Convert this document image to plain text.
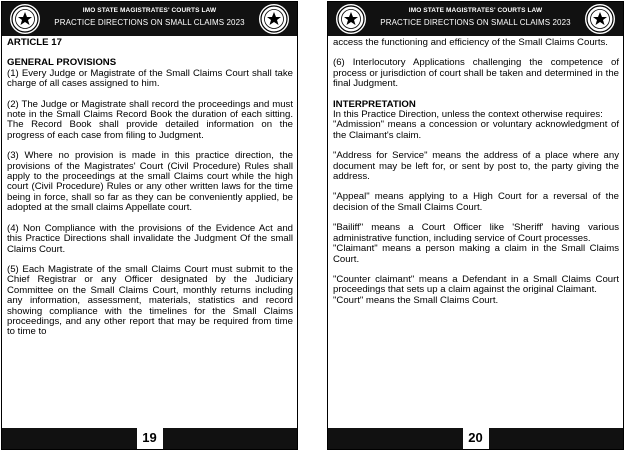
IMO STATE MAGISTRATES' COURTS LAW
PRACTICE DIRECTIONS ON SMALL CLAIMS 2023

ARTICLE 17

GENERAL PROVISIONS

(1) Every Judge or Magistrate of the Small Claims Court shall take charge of all cases assigned to him.

(2) The Judge or Magistrate shall record the proceedings and must note in the Small Claims Record Book the duration of each sitting. The Record Book shall provide detailed information on the progress of each case from filing to Judgment.

(3) Where no provision is made in this practice direction, the provisions of the Magistrates' Court (Civil Procedure) Rules shall apply to the proceedings at the small Claims court while the high court (Civil Procedure) Rules or any other written laws for the time being in force, shall so far as they can be conveniently applied, be adopted at the small claims Appellate court.

(4) Non Compliance with the provisions of the Evidence Act and this Practice Directions shall invalidate the Judgment Of the small Claims Court.

(5) Each Magistrate of the small Claims Court must submit to the Chief Registrar or any Officer designated by the Judiciary Committee on the Small Claims Court, monthly returns including any information, assessment, materials, statistics and record showing compliance with the timelines for the Small Claims proceedings, and any other report that may be required from time to time to

19
IMO STATE MAGISTRATES' COURTS LAW
PRACTICE DIRECTIONS ON SMALL CLAIMS 2023

access the functioning and efficiency of the Small Claims Courts.

(6) Interlocutory Applications challenging the competence of process or jurisdiction of court shall be taken and determined in the final Judgment.

INTERPRETATION

In this Practice Direction, unless the context otherwise requires:

"Admission" means a concession or voluntary acknowledgment of the Claimant's claim.

"Address for Service" means the address of a place where any document may be left for, or sent by post to, the party giving the address.

"Appeal" means applying to a High Court for a reversal of the decision of the Small Claims Court.

"Bailiff" means a Court Officer like 'Sheriff' having various administrative function, including service of Court processes.

"Claimant" means a person making a claim in the Small Claims Court.

"Counter claimant" means a Defendant in a Small Claims Court proceedings that sets up a claim against the original Claimant.

"Court" means the Small Claims Court.

20
